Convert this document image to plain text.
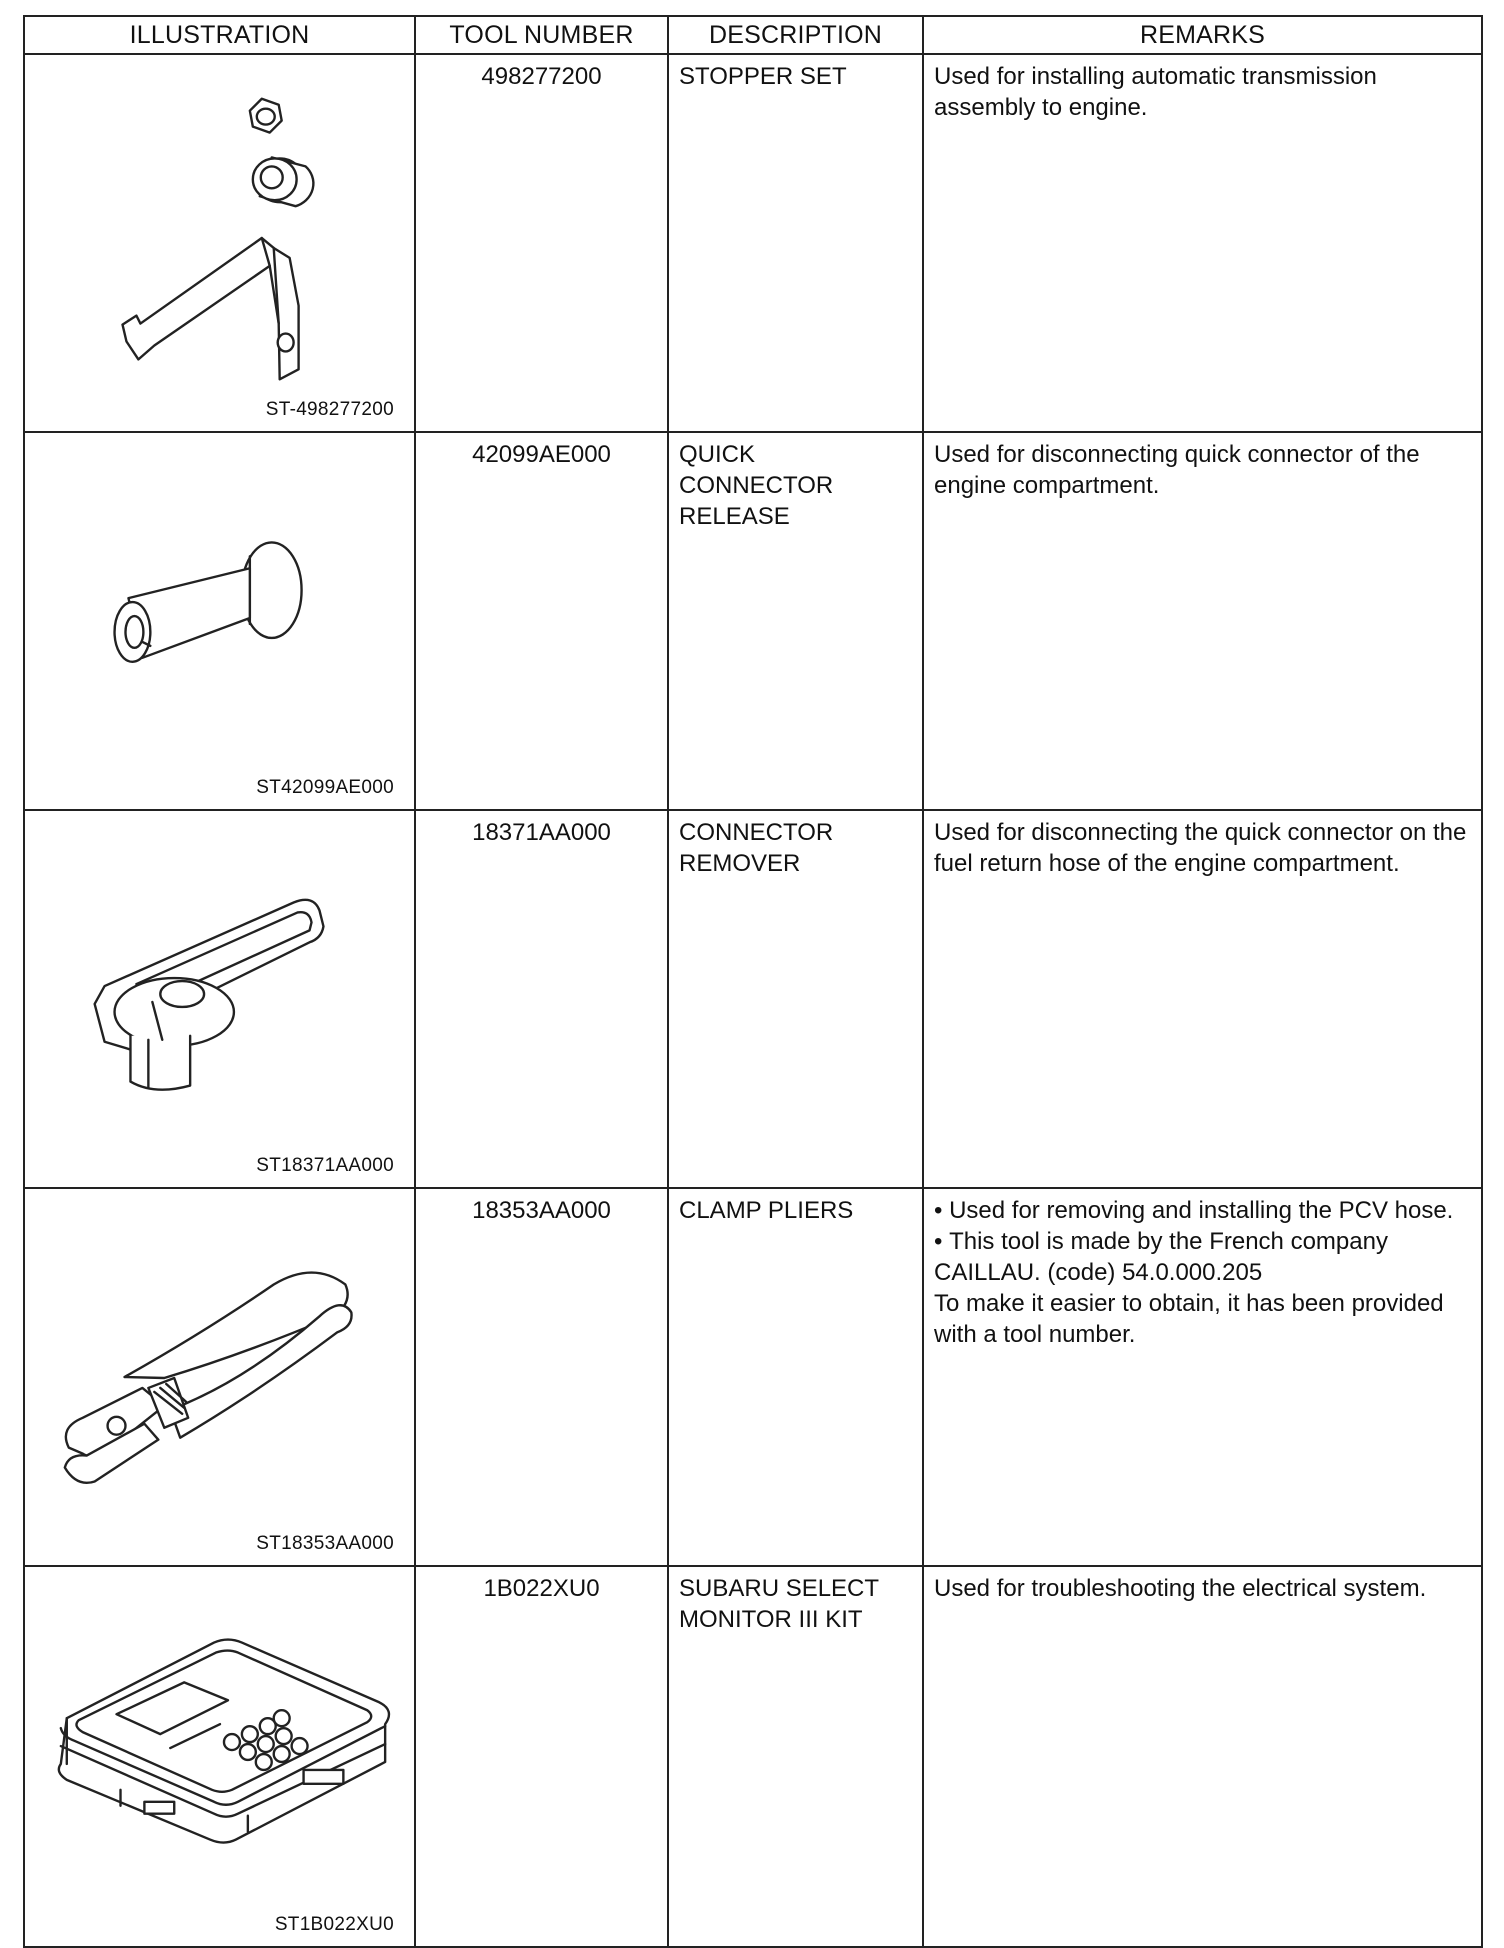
ILLUSTRATION	TOOL NUMBER	DESCRIPTION	REMARKS

ST-498277200	498277200	STOPPER SET	Used for installing automatic transmission assembly to engine.

ST42099AE000	42099AE000	QUICK CONNECTOR RELEASE	Used for disconnecting quick connector of the engine compartment.

ST18371AA000	18371AA000	CONNECTOR REMOVER	Used for disconnecting the quick connector on the fuel return hose of the engine compartment.

ST18353AA000	18353AA000	CLAMP PLIERS	• Used for removing and installing the PCV hose.
• This tool is made by the French company CAILLAU. (code) 54.0.000.205
To make it easier to obtain, it has been provided with a tool number.

ST1B022XU0	1B022XU0	SUBARU SELECT MONITOR III KIT	Used for troubleshooting the electrical system.
